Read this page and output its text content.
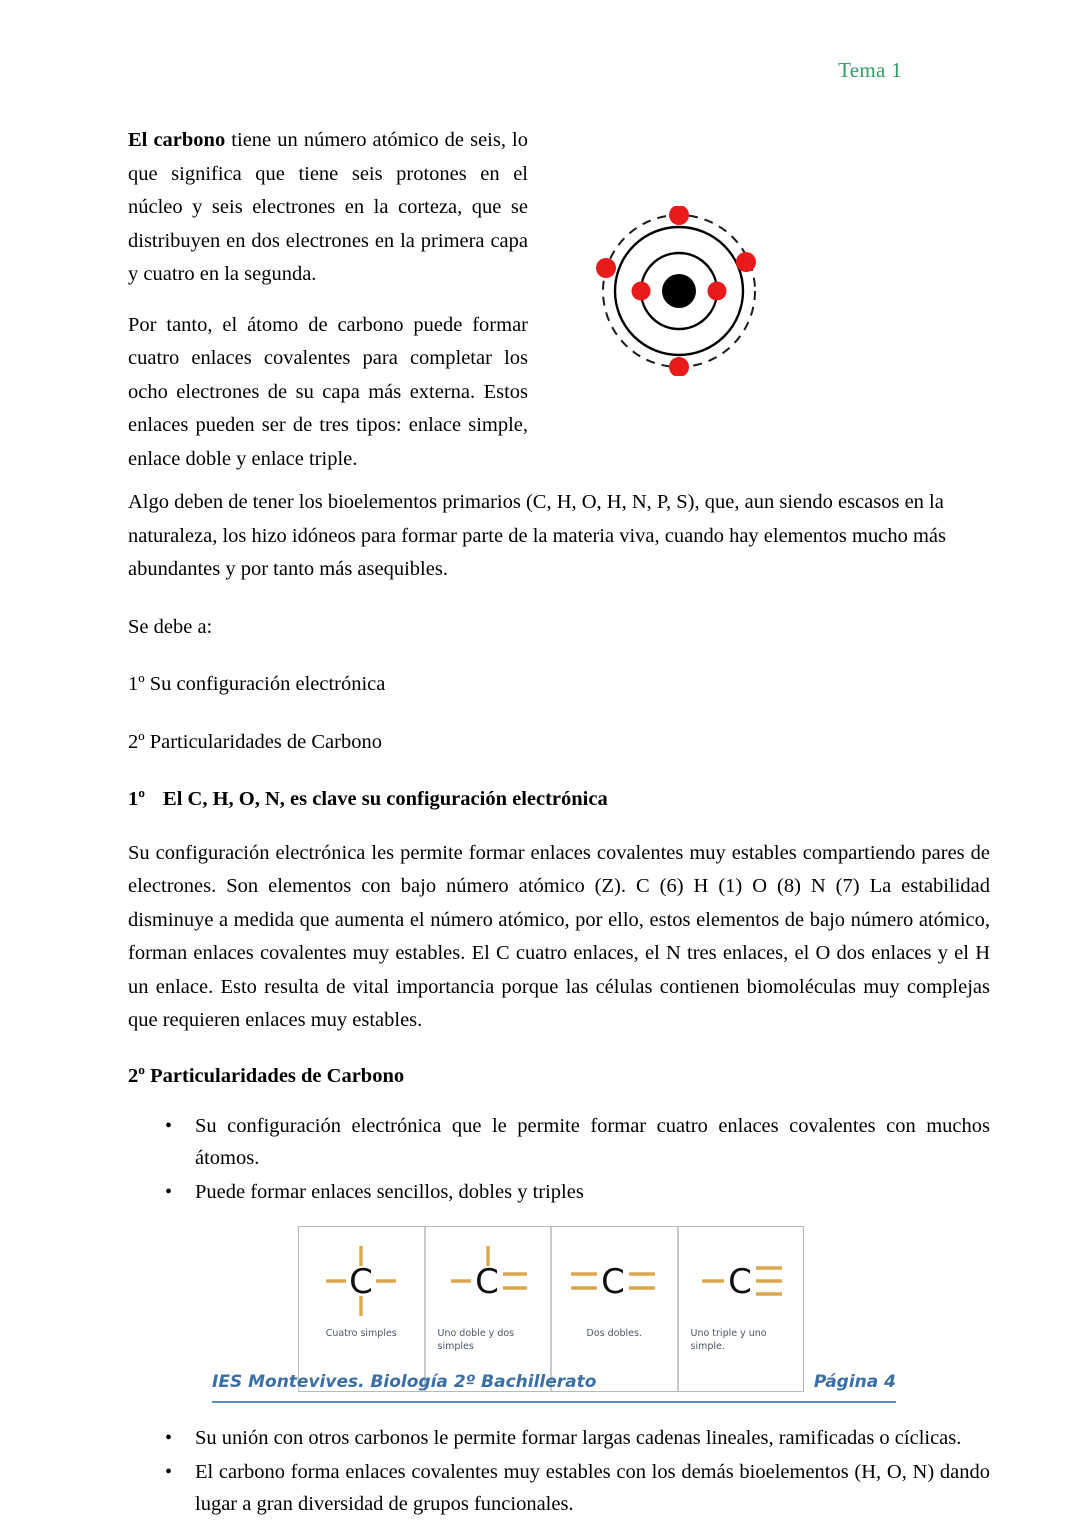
Tema 1

El carbono tiene un número atómico de seis, lo que significa que tiene seis protones en el núcleo y seis electrones en la corteza, que se distribuyen en dos electrones en la primera capa y cuatro en la segunda.

Por tanto, el átomo de carbono puede formar cuatro enlaces covalentes para completar los ocho electrones de su capa más externa. Estos enlaces pueden ser de tres tipos: enlace simple, enlace doble y enlace triple.

Algo deben de tener los bioelementos primarios (C, H, O, H, N, P, S), que, aun siendo escasos en la naturaleza, los hizo idóneos para formar parte de la materia viva, cuando hay elementos mucho más abundantes y por tanto más asequibles.

Se debe a:

1º Su configuración electrónica

2º Particularidades de Carbono

1º El C, H, O, N, es clave su configuración electrónica

Su configuración electrónica les permite formar enlaces covalentes muy estables compartiendo pares de electrones. Son elementos con bajo número atómico (Z). C (6) H (1) O (8) N (7) La estabilidad disminuye a medida que aumenta el número atómico, por ello, estos elementos de bajo número atómico, forman enlaces covalentes muy estables. El C cuatro enlaces, el N tres enlaces, el O dos enlaces y el H un enlace. Esto resulta de vital importancia porque las células contienen biomoléculas muy complejas que requieren enlaces muy estables.

2º Particularidades de Carbono
• Su configuración electrónica que le permite formar cuatro enlaces covalentes con muchos átomos.
• Puede formar enlaces sencillos, dobles y triples
C
Cuatro simples
C
Uno doble y dos simples
C
Dos dobles.
C
Uno triple y uno simple.
• Su unión con otros carbonos le permite formar largas cadenas lineales, ramificadas o cíclicas.
• El carbono forma enlaces covalentes muy estables con los demás bioelementos (H, O, N) dando lugar a gran diversidad de grupos funcionales.
IES Montevives. Biología 2º Bachillerato	Página 4
